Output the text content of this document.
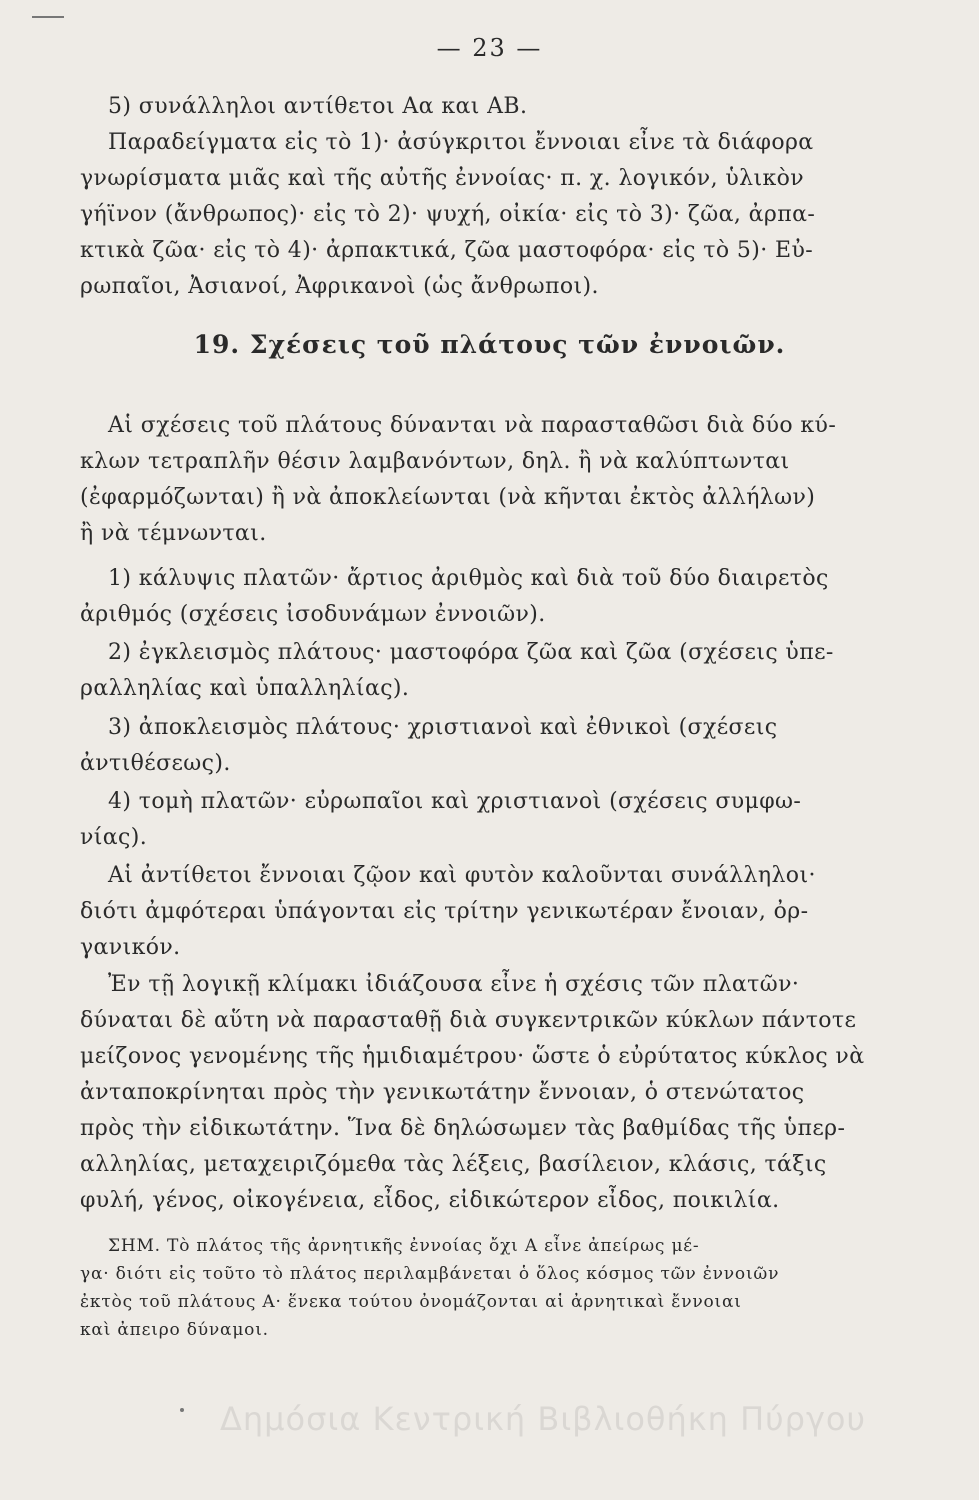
— 23 —
5) συνάλληλοι αντίθετοι Αα και ΑΒ.
Παραδείγματα εἰς τὸ 1)· ἀσύγκριτοι ἔννοιαι εἶνε τὰ διάφορα
γνωρίσματα μιᾶς καὶ τῆς αὐτῆς ἐννοίας· π. χ. λογικόν, ὑλικὸν
γήϊνον (ἄνθρωπος)· εἰς τὸ 2)· ψυχή, οἰκία· εἰς τὸ 3)· ζῶα, ἀρπα-
κτικὰ ζῶα· εἰς τὸ 4)· ἀρπακτικά, ζῶα μαστοφόρα· εἰς τὸ 5)· Εὐ-
ρωπαῖοι, Ἀσιανοί, Ἀφρικανοὶ (ὡς ἄνθρωποι).
19. Σχέσεις τοῦ πλάτους τῶν ἐννοιῶν.
Αἱ σχέσεις τοῦ πλάτους δύνανται νὰ παρασταθῶσι διὰ δύο κύ-
κλων τετραπλῆν θέσιν λαμβανόντων, δηλ. ἢ νὰ καλύπτωνται
(ἐφαρμόζωνται) ἢ νὰ ἀποκλείωνται (νὰ κῆνται ἐκτὸς ἀλλήλων)
ἢ νὰ τέμνωνται.
1) κάλυψις πλατῶν· ἄρτιος ἀριθμὸς καὶ διὰ τοῦ δύο διαιρετὸς
ἀριθμός (σχέσεις ἰσοδυνάμων ἐννοιῶν).
2) ἐγκλεισμὸς πλάτους· μαστοφόρα ζῶα καὶ ζῶα (σχέσεις ὑπε-
ραλληλίας καὶ ὑπαλληλίας).
3) ἀποκλεισμὸς πλάτους· χριστιανοὶ καὶ ἐθνικοὶ (σχέσεις
ἀντιθέσεως).
4) τομὴ πλατῶν· εὐρωπαῖοι καὶ χριστιανοὶ (σχέσεις συμφω-
νίας).
Αἱ ἀντίθετοι ἔννοιαι ζῷον καὶ φυτὸν καλοῦνται συνάλληλοι·
διότι ἀμφότεραι ὑπάγονται εἰς τρίτην γενικωτέραν ἔνοιαν, ὀρ-
γανικόν.
Ἐν τῇ λογικῇ κλίμακι ἰδιάζουσα εἶνε ἡ σχέσις τῶν πλατῶν·
δύναται δὲ αὕτη νὰ παρασταθῇ διὰ συγκεντρικῶν κύκλων πάντοτε
μείζονος γενομένης τῆς ἡμιδιαμέτρου· ὥστε ὁ εὐρύτατος κύκλος νὰ
ἀνταποκρίνηται πρὸς τὴν γενικωτάτην ἔννοιαν, ὁ στενώτατος
πρὸς τὴν εἰδικωτάτην. Ἵνα δὲ δηλώσωμεν τὰς βαθμίδας τῆς ὑπερ-
αλληλίας, μεταχειριζόμεθα τὰς λέξεις, βασίλειον, κλάσις, τάξις
φυλή, γένος, οἰκογένεια, εἶδος, εἰδικώτερον εἶδος, ποικιλία.
ΣΗΜ. Τὸ πλάτος τῆς ἀρνητικῆς ἐννοίας ὄχι Α εἶνε ἀπείρως μέ-
γα· διότι εἰς τοῦτο τὸ πλάτος περιλαμβάνεται ὁ ὅλος κόσμος τῶν ἐννοιῶν
ἐκτὸς τοῦ πλάτους Α· ἕνεκα τούτου ὀνομάζονται αἱ ἀρνητικαὶ ἔννοιαι
καὶ ἀπειρο δύναμοι.
Δημόσια Κεντρική Βιβλιοθήκη Πύργου
